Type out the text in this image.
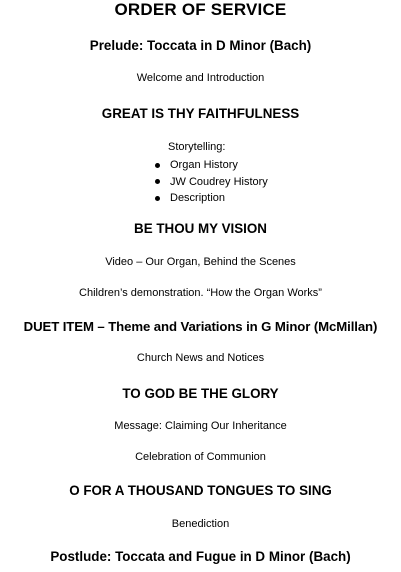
ORDER OF SERVICE
Prelude: Toccata in D Minor (Bach)
Welcome and Introduction
GREAT IS THY FAITHFULNESS
Storytelling:
Organ History
JW Coudrey History
Description
BE THOU MY VISION
Video – Our Organ, Behind the Scenes
Children’s demonstration. “How the Organ Works”
DUET ITEM – Theme and Variations in G Minor (McMillan)
Church News and Notices
TO GOD BE THE GLORY
Message: Claiming Our Inheritance
Celebration of Communion
O FOR A THOUSAND TONGUES TO SING
Benediction
Postlude: Toccata and Fugue in D Minor (Bach)
